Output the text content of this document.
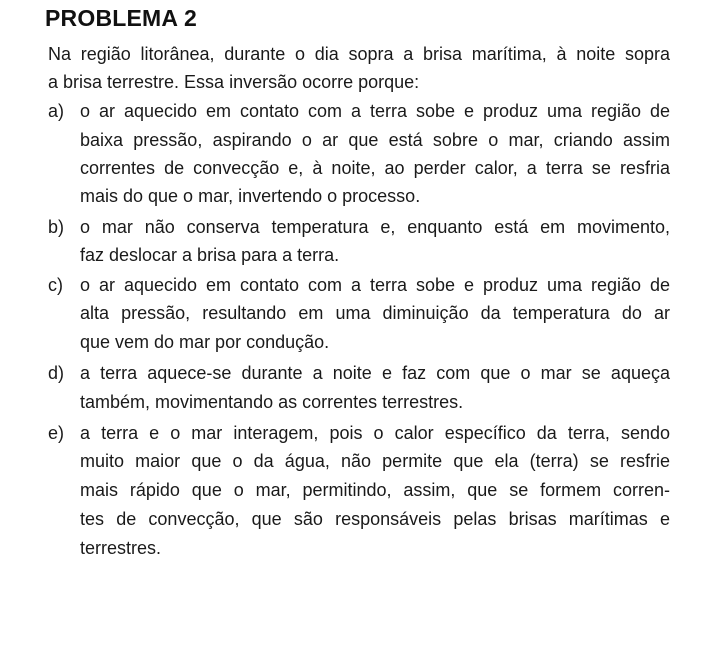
PROBLEMA 2
Na região litorânea, durante o dia sopra a brisa marítima, à noite sopra
a brisa terrestre. Essa inversão ocorre porque:
a) o ar aquecido em contato com a terra sobe e produz uma região de
baixa pressão, aspirando o ar que está sobre o mar, criando assim
correntes de convecção e, à noite, ao perder calor, a terra se resfria
mais do que o mar, invertendo o processo.
b) o mar não conserva temperatura e, enquanto está em movimento,
faz deslocar a brisa para a terra.
c) o ar aquecido em contato com a terra sobe e produz uma região de
alta pressão, resultando em uma diminuição da temperatura do ar
que vem do mar por condução.
d) a terra aquece-se durante a noite e faz com que o mar se aqueça
também, movimentando as correntes terrestres.
e) a terra e o mar interagem, pois o calor específico da terra, sendo
muito maior que o da água, não permite que ela (terra) se resfrie
mais rápido que o mar, permitindo, assim, que se formem corren-
tes de convecção, que são responsáveis pelas brisas marítimas e
terrestres.
